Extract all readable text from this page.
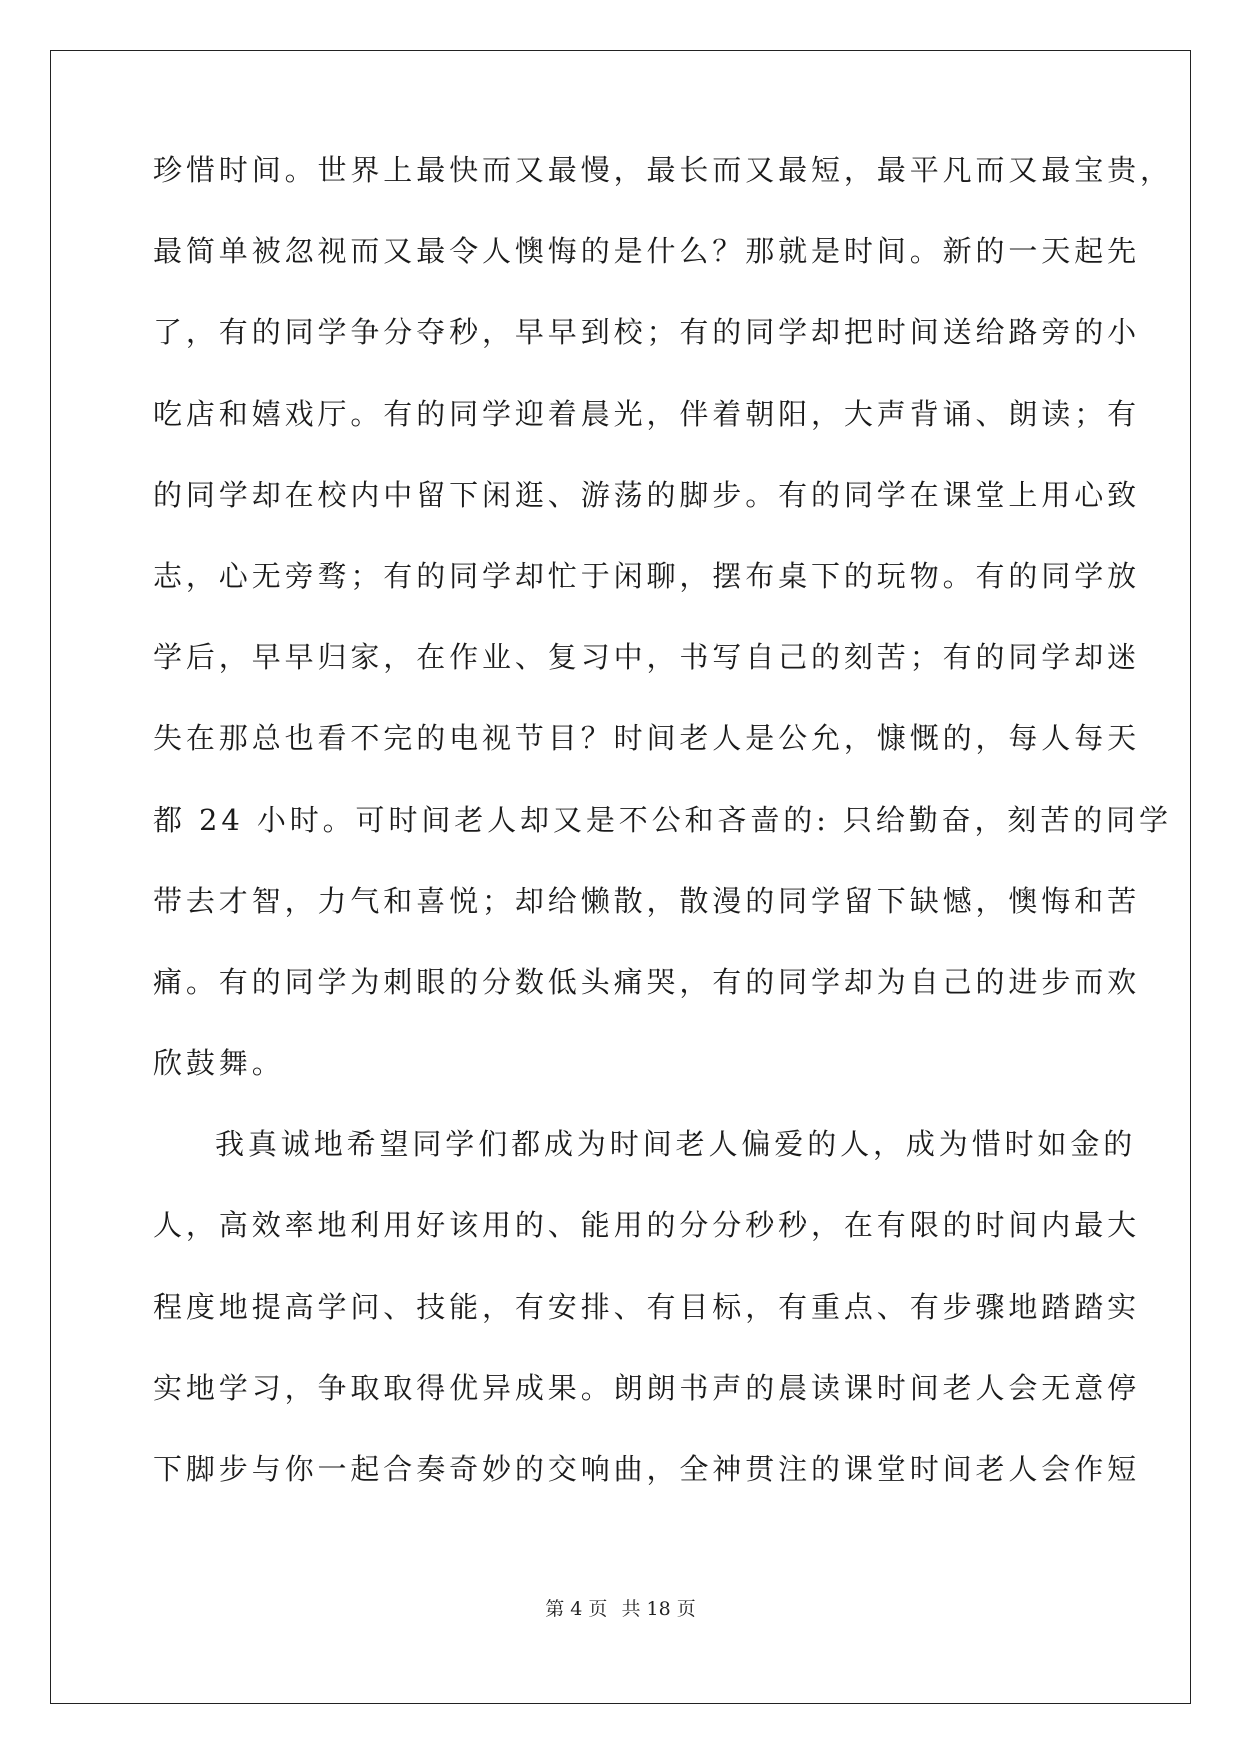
珍惜时间。世界上最快而又最慢，最长而又最短，最平凡而又最宝贵，
最简单被忽视而又最令人懊悔的是什么？那就是时间。新的一天起先
了，有的同学争分夺秒，早早到校；有的同学却把时间送给路旁的小
吃店和嬉戏厅。有的同学迎着晨光，伴着朝阳，大声背诵、朗读；有
的同学却在校内中留下闲逛、游荡的脚步。有的同学在课堂上用心致
志，心无旁骛；有的同学却忙于闲聊，摆布桌下的玩物。有的同学放
学后，早早归家，在作业、复习中，书写自己的刻苦；有的同学却迷
失在那总也看不完的电视节目？时间老人是公允，慷慨的，每人每天
都 24 小时。可时间老人却又是不公和吝啬的: 只给勤奋，刻苦的同学
带去才智，力气和喜悦；却给懒散，散漫的同学留下缺憾，懊悔和苦
痛。有的同学为刺眼的分数低头痛哭，有的同学却为自己的进步而欢
欣鼓舞。
我真诚地希望同学们都成为时间老人偏爱的人，成为惜时如金的
人，高效率地利用好该用的、能用的分分秒秒，在有限的时间内最大
程度地提高学问、技能，有安排、有目标，有重点、有步骤地踏踏实
实地学习，争取取得优异成果。朗朗书声的晨读课时间老人会无意停
下脚步与你一起合奏奇妙的交响曲，全神贯注的课堂时间老人会作短
第 4 页 共 18 页
